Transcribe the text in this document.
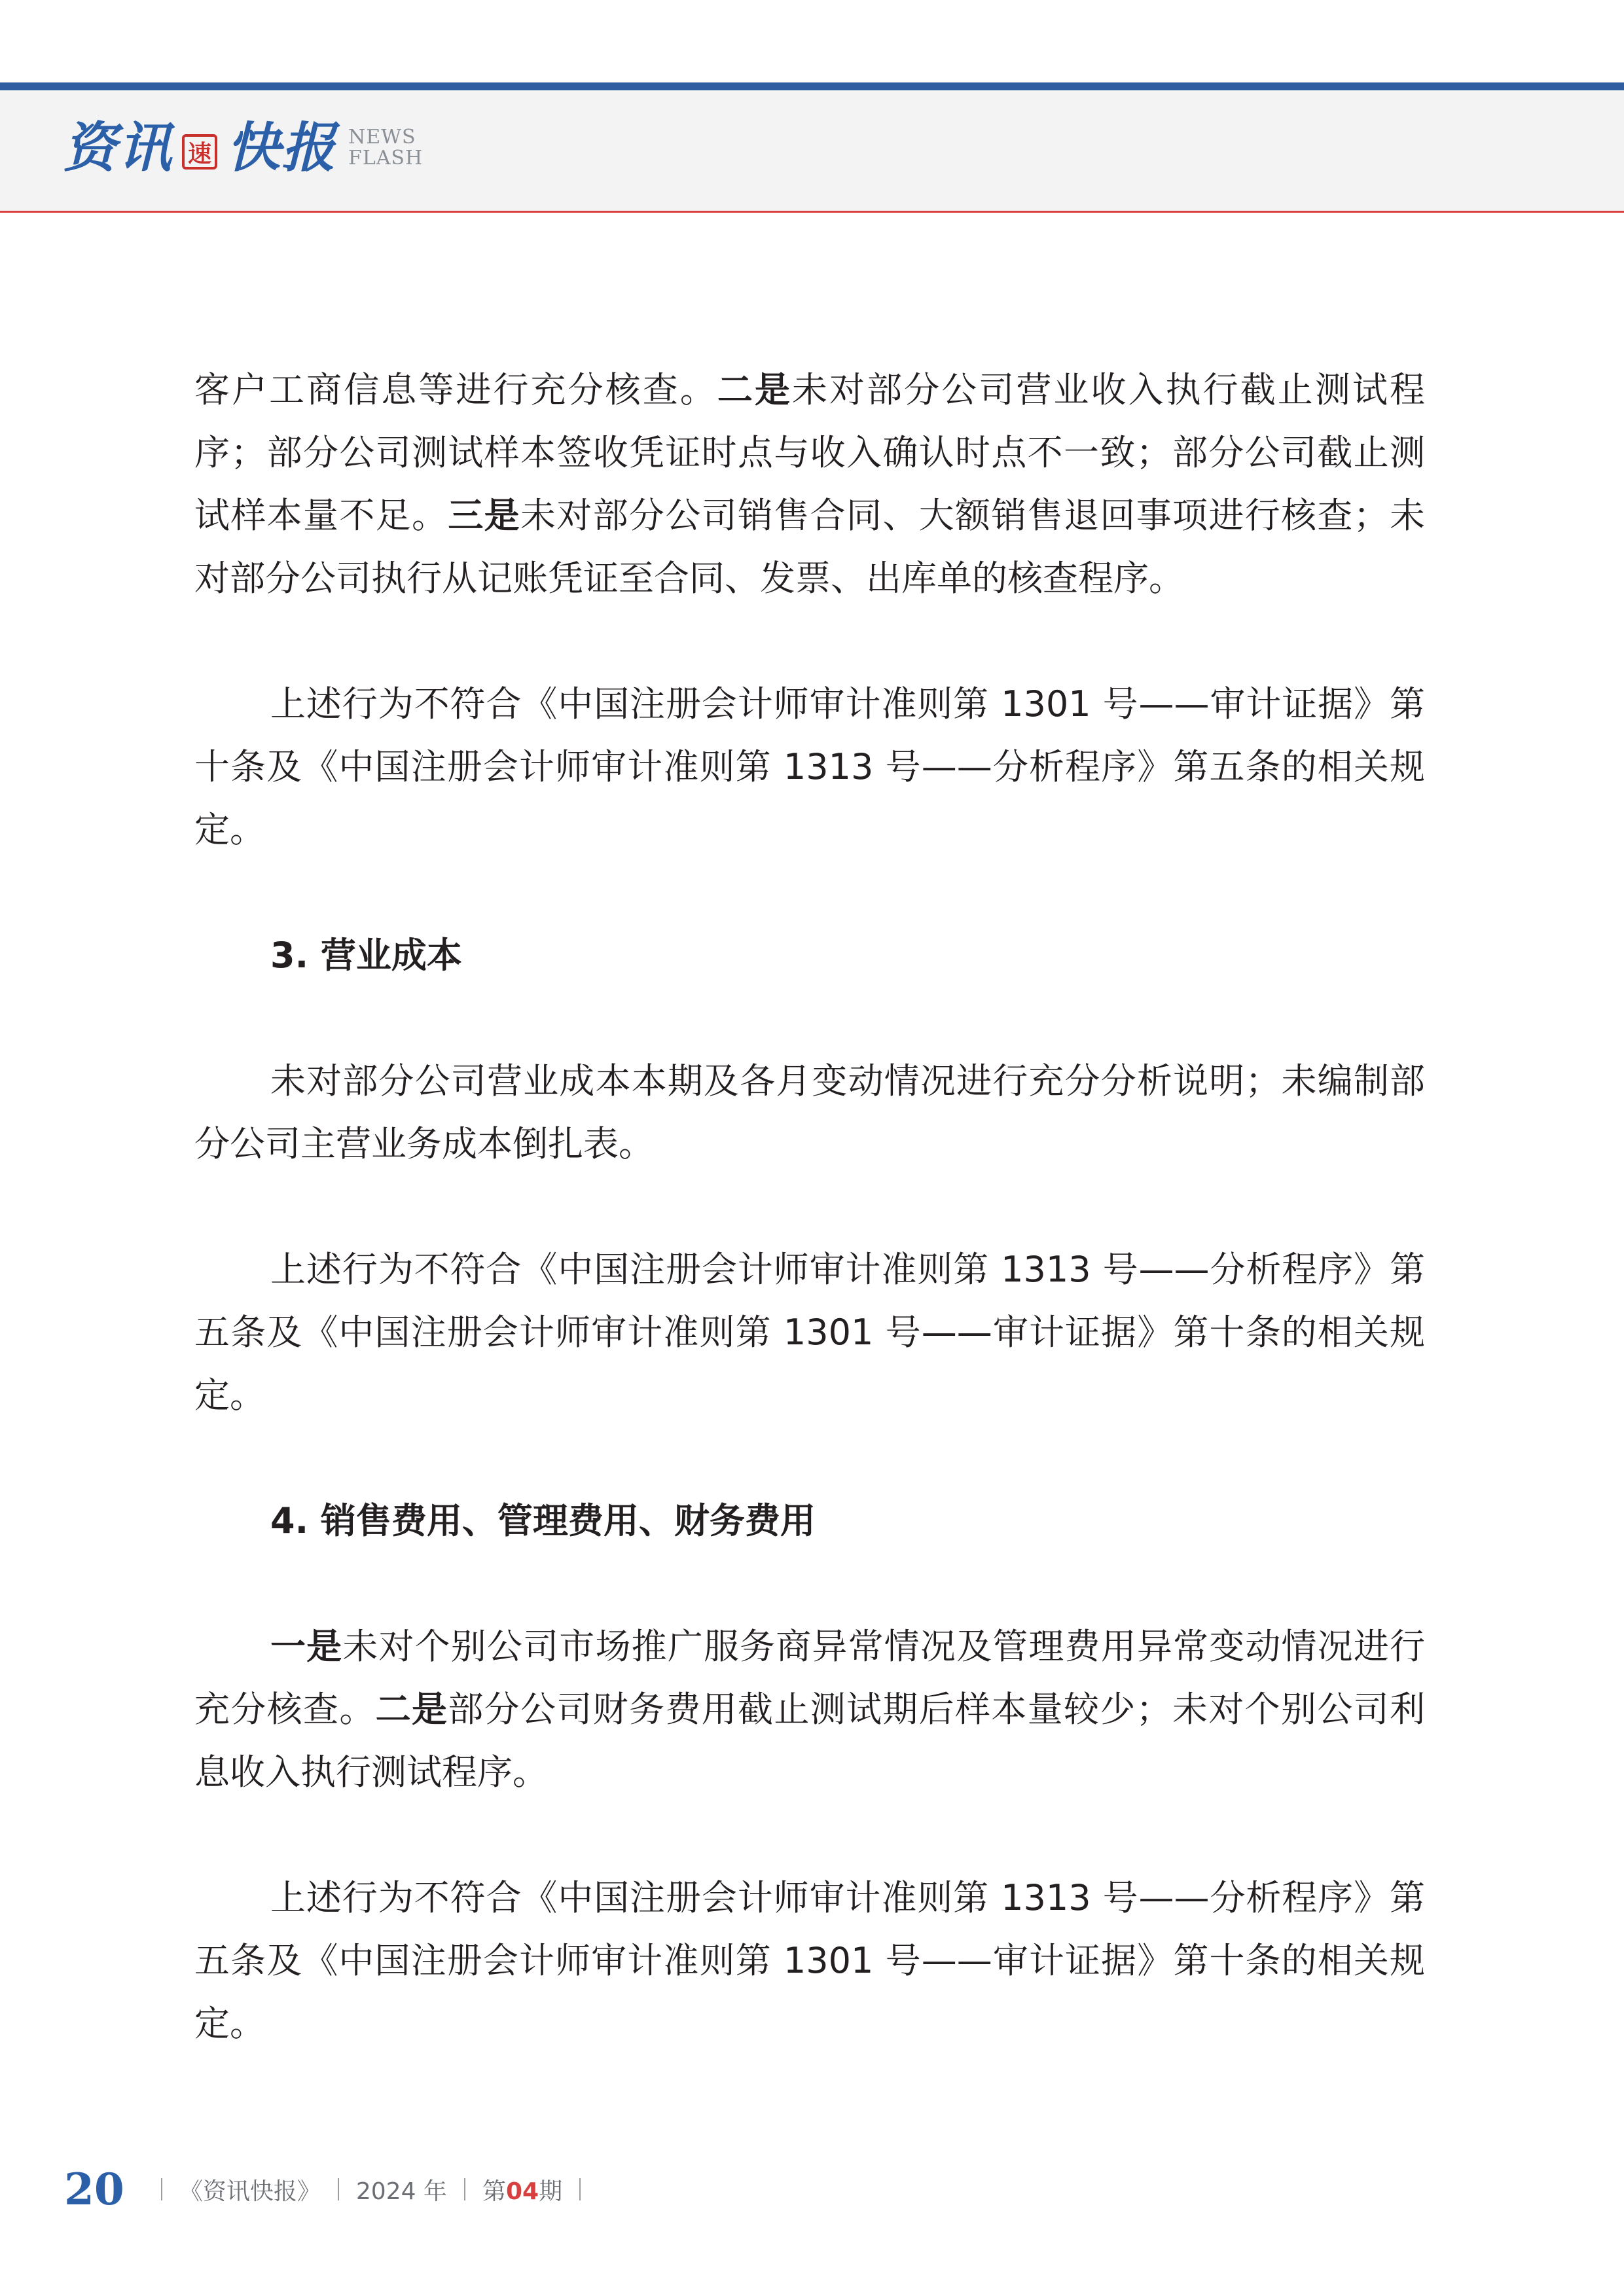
资讯 速 快报 NEWS
FLASH

客户工商信息等进行充分核查。二是未对部分公司营业收入执行截止测试程序；部分公司测试样本签收凭证时点与收入确认时点不一致；部分公司截止测试样本量不足。三是未对部分公司销售合同、大额销售退回事项进行核查；未对部分公司执行从记账凭证至合同、发票、出库单的核查程序。

上述行为不符合《中国注册会计师审计准则第 1301 号——审计证据》第十条及《中国注册会计师审计准则第 1313 号——分析程序》第五条的相关规定。

3. 营业成本

未对部分公司营业成本本期及各月变动情况进行充分分析说明；未编制部分公司主营业务成本倒扎表。

上述行为不符合《中国注册会计师审计准则第 1313 号——分析程序》第五条及《中国注册会计师审计准则第 1301 号——审计证据》第十条的相关规定。

4. 销售费用、管理费用、财务费用

一是未对个别公司市场推广服务商异常情况及管理费用异常变动情况进行充分核查。二是部分公司财务费用截止测试期后样本量较少；未对个别公司利息收入执行测试程序。

上述行为不符合《中国注册会计师审计准则第 1313 号——分析程序》第五条及《中国注册会计师审计准则第 1301 号——审计证据》第十条的相关规定。

20 《资讯快报》 2024 年 第04期
